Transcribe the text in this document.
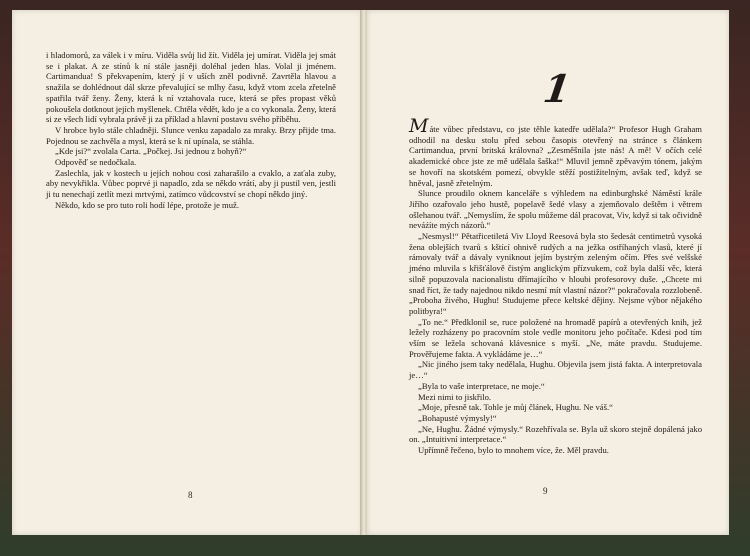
i hladomorů, za válek i v míru. Viděla svůj lid žít. Viděla jej umírat. Viděla jej smát se i plakat. A ze stínů k ní stále jasněji doléhal jeden hlas. Volal ji jménem. Cartimandua! S překvapením, který jí v uších zněl podivně. Zavrtěla hlavou a snažila se dohlédnout dál skrze převalující se mlhy času, když vtom zcela zřetelně spatřila tvář ženy. Ženy, která k ní vztahovala ruce, která se přes propast věků pokoušela dotknout jejích myšlenek. Chtěla vědět, kdo je a co vykonala. Ženy, která si ze všech lidí vybrala právě ji za příklad a hlavní postavu svého příběhu.

V hrobce bylo stále chladněji. Slunce venku zapadalo za mraky. Brzy přijde tma. Pojednou se zachvěla a mysl, která se k ní upínala, se stáhla.

„Kde jsi?“ zvolala Carta. „Počkej. Jsi jednou z bohyň?“

Odpověď se nedočkala.

Zaslechla, jak v kostech u jejích nohou cosi zaharašilo a cvaklo, a zaťala zuby, aby nevykřikla. Vůbec poprvé ji napadlo, zda se někdo vrátí, aby ji pustil ven, jestli ji tu nenechají zetlít mezi mrtvými, zatímco vůdcovství se chopí někdo jiný.

Někdo, kdo se pro tuto roli hodí lépe, protože je muž.

8
1

Máte vůbec představu, co jste těhle katedře udělala?“ Profesor Hugh Graham odhodil na desku stolu před sebou časopis otevřený na stránce s článkem Cartimandua, první britská královna? „Zesměšnila jste nás! A mě! V očích celé akademické obce jste ze mě udělala šaška!“ Mluvil jemně zpěvavým tónem, jakým se hovoří na skotském pomezí, obvykle stěží postižitelným, avšak teď, když se hněval, jasně zřetelným.

Slunce proudilo oknem kanceláře s výhledem na edinburghské Náměstí krále Jiřího ozařovalo jeho hustě, popelavě šedé vlasy a zjemňovalo deštěm i větrem ošlehanou tvář. „Nemyslím, že spolu můžeme dál pracovat, Viv, když si tak očividně neváźíte mých názorů.“

„Nesmysl!“ Pětatřicetiletá Viv Lloyd Reesová byla sto šedesát centimetrů vysoká žena oblejších tvarů s kštící ohnivě rudých a na ježka ostříhaných vlasů, které jí rámovaly tvář a dávaly vyniknout jejím bystrým zeleným očím. Přes své velšské jméno mluvila s křišťálově čistým anglickým přízvukem, což byla další věc, která silně popuzovala nacionalistu dřímajícího v hloubi profesorovy duše. „Chcete mi snad říct, že tady najednou nikdo nesmí mít vlastní názor?“ pokračovala rozzlobeně. „Proboha živého, Hughu! Studujeme přece keltské dějiny. Nejsme výbor nějakého politbyra!“

„To ne.“ Předklonil se, ruce položené na hromadě papírů a otevřených knih, jež ležely rozházeny po pracovním stole vedle monitoru jeho počítače. Kdesi pod tím vším se ležela schovaná klávesnice s myší. „Ne, máte pravdu. Studujeme. Prověřujeme fakta. A vykládáme je…“

„Nic jiného jsem taky nedělala, Hughu. Objevila jsem jistá fakta. A interpretovala je…“

„Byla to vaše interpretace, ne moje.“

Mezi nimi to jiskřilo.

„Moje, přesně tak. Tohle je můj článek, Hughu. Ne váš.“

„Bohapusté výmysly!“

„Ne, Hughu. Žádné výmysly.“ Rozehřívala se. Byla už skoro stejně dopálená jako on. „Intuitivní interpretace.“

Upřímně řečeno, bylo to mnohem více, že. Měl pravdu.

9
